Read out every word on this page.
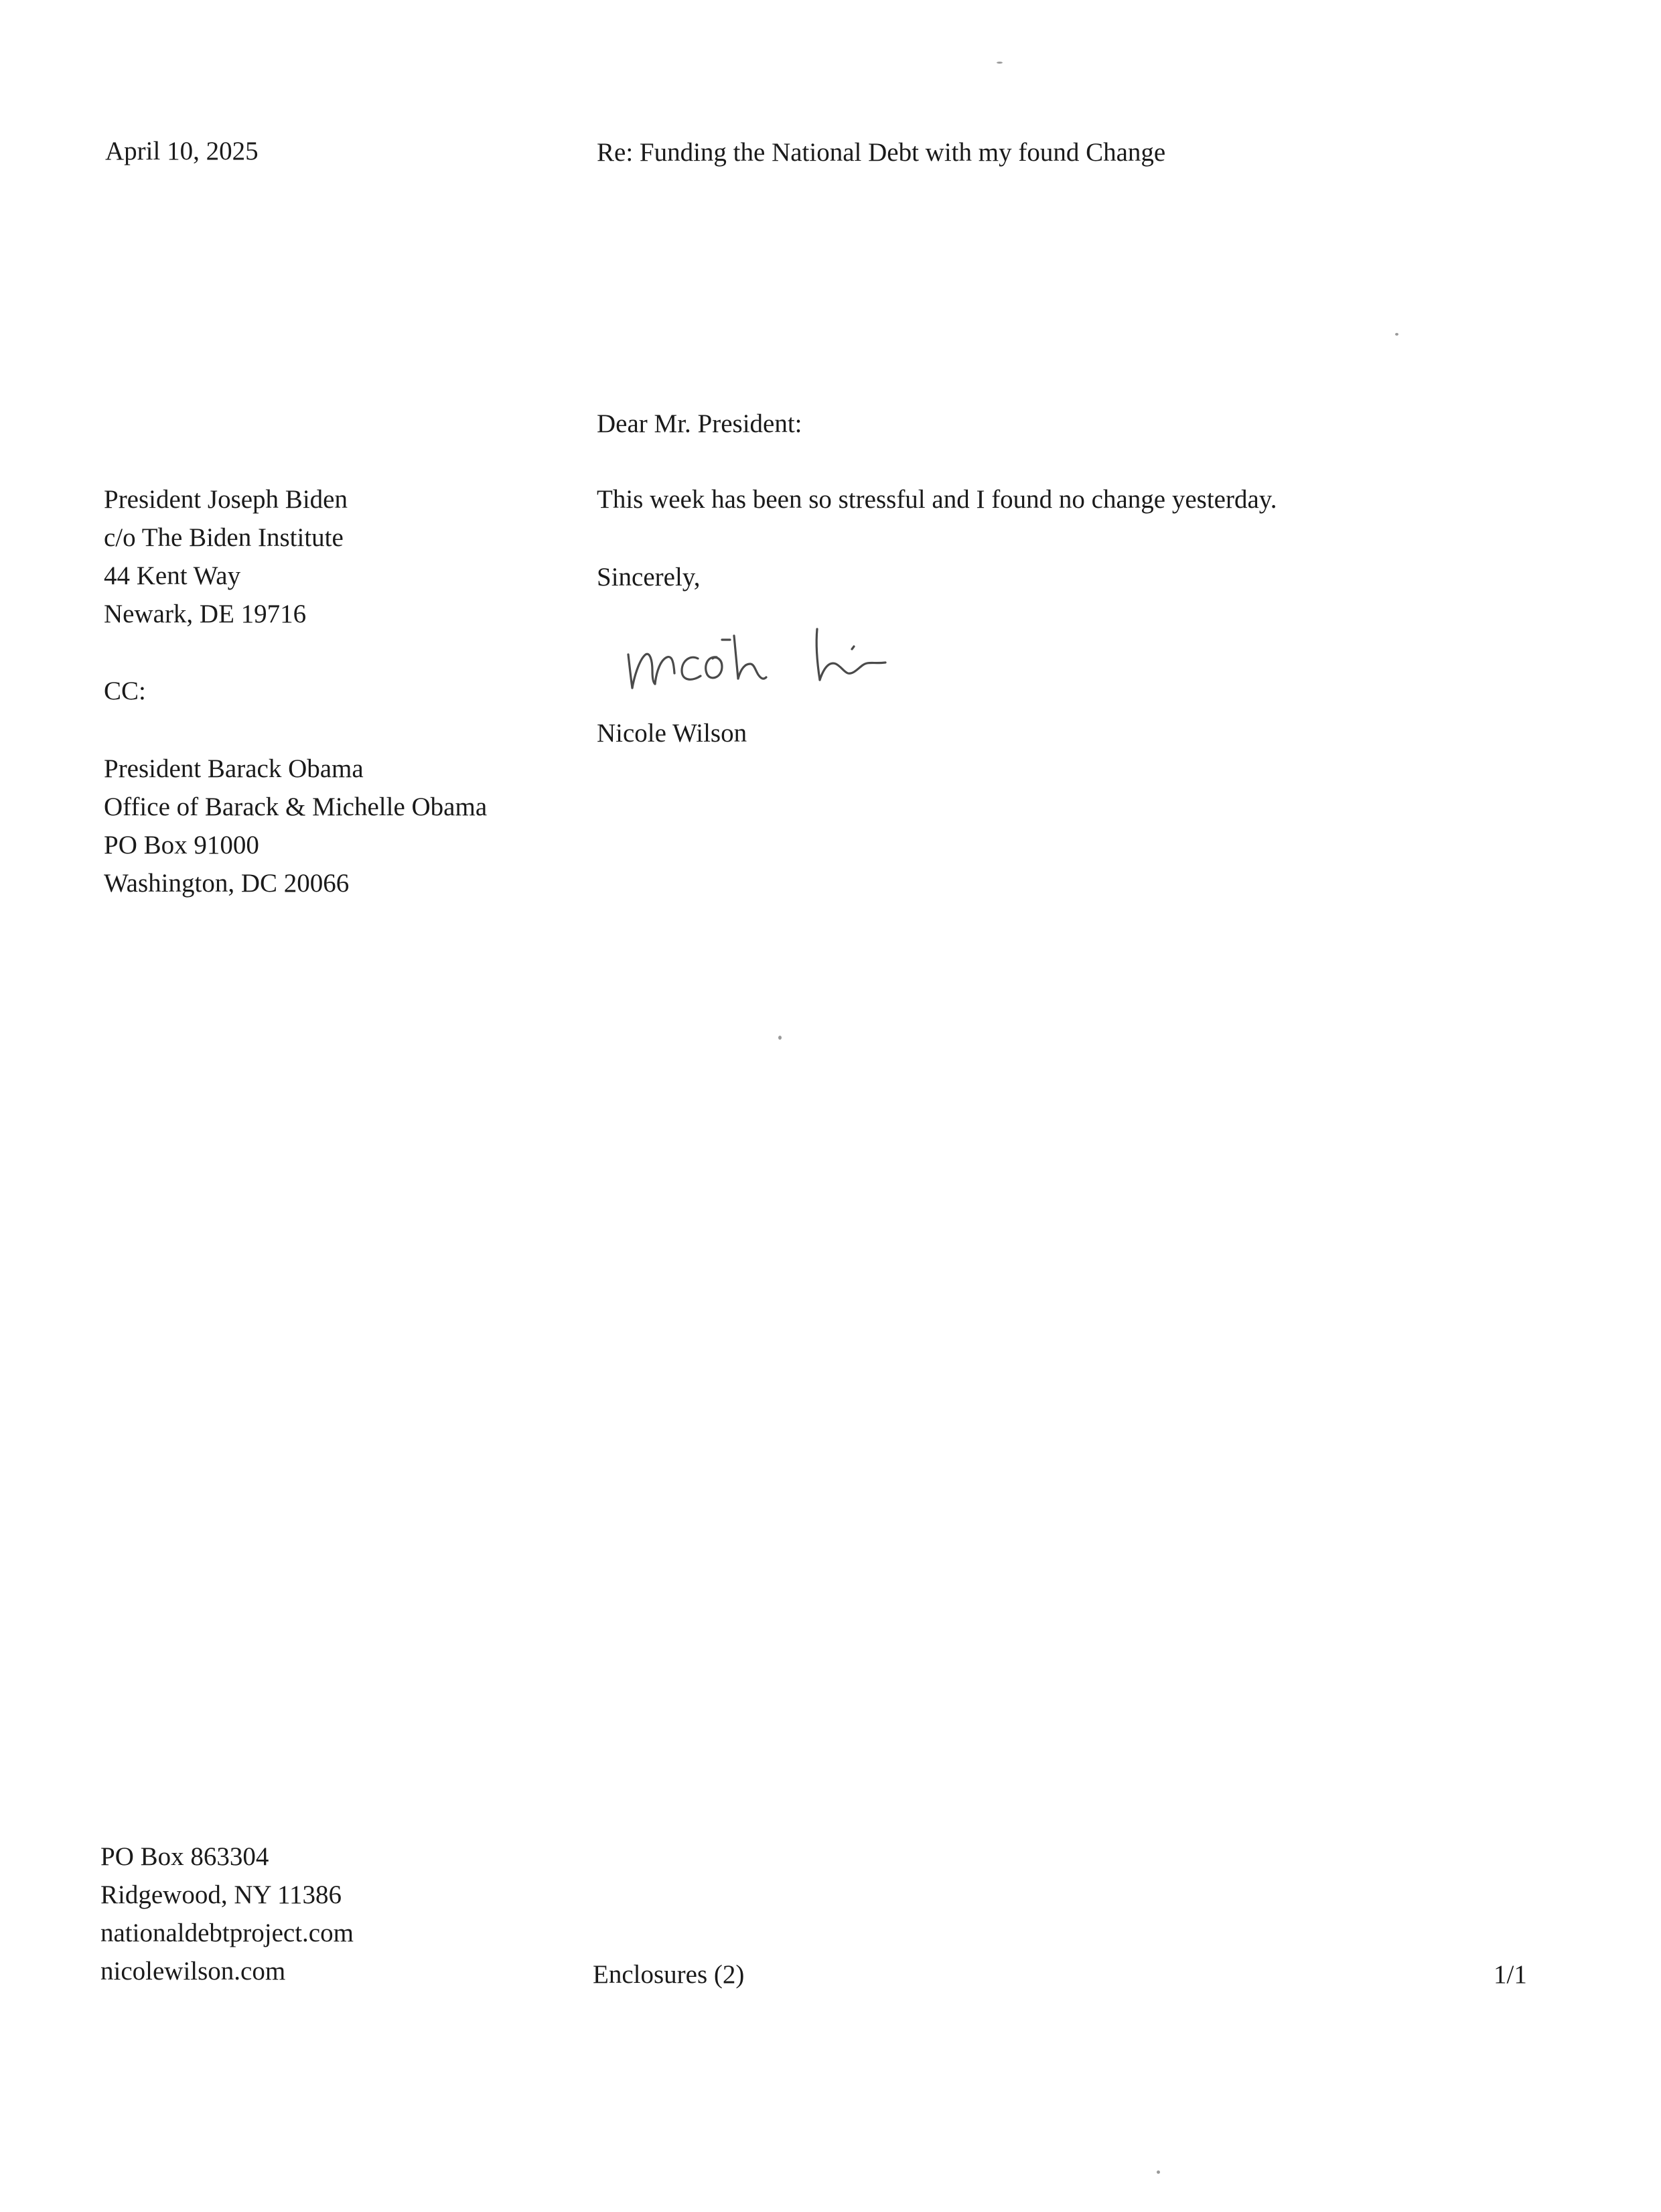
April 10, 2025	Re: Funding the National Debt with my found Change

Dear Mr. President:

President Joseph Biden
c/o The Biden Institute
44 Kent Way
Newark, DE 19716

This week has been so stressful and I found no change yesterday.

Sincerely,

Nicole Wilson

CC:

President Barack Obama
Office of Barack & Michelle Obama
PO Box 91000
Washington, DC 20066
PO Box 863304
Ridgewood, NY 11386
nationaldebtproject.com
nicolewilson.com	Enclosures (2)	1/1
